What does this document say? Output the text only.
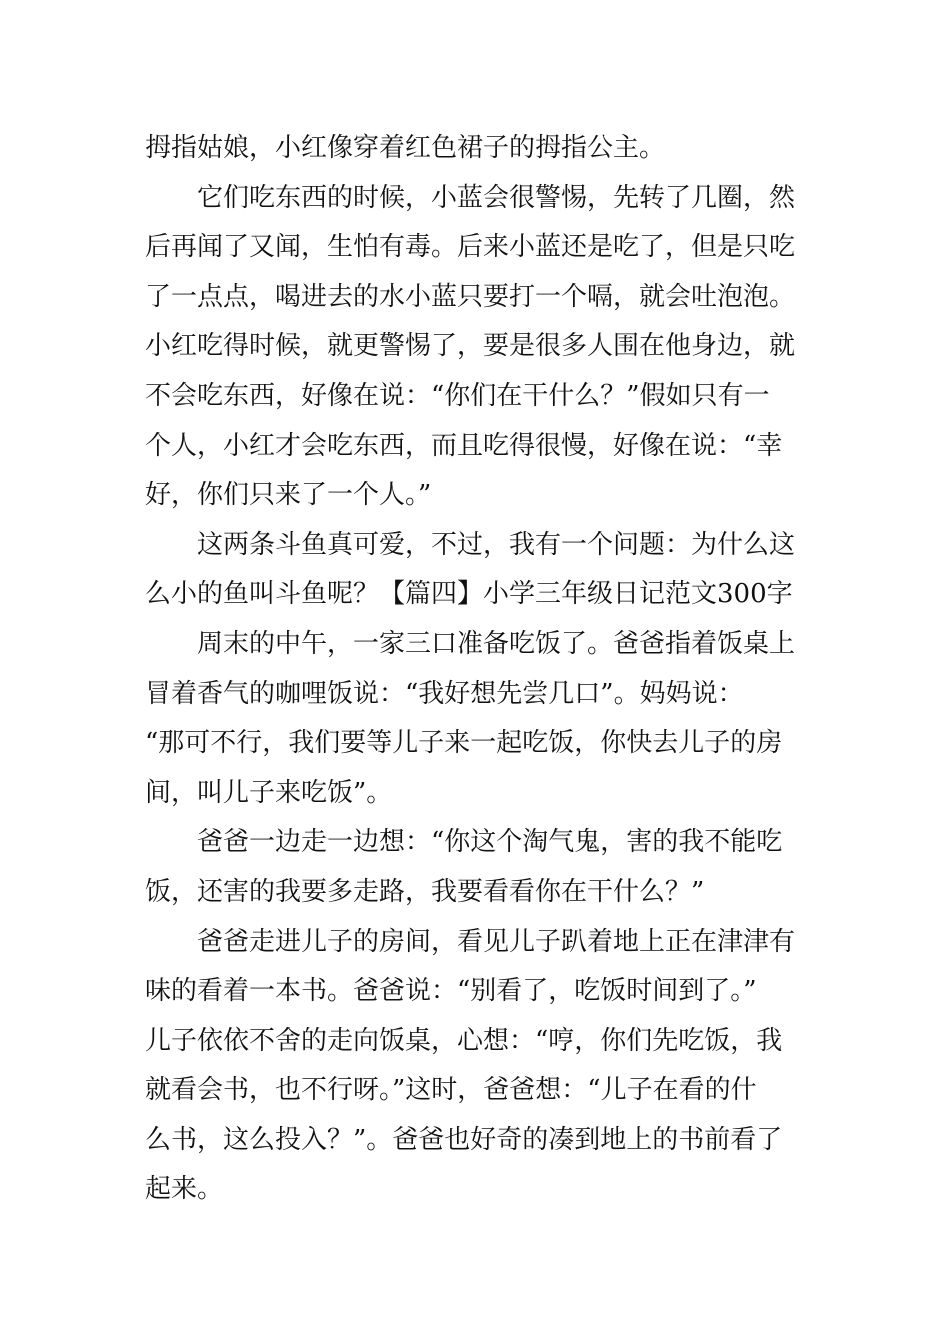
拇指姑娘，小红像穿着红色裙子的拇指公主。
它们吃东西的时候，小蓝会很警惕，先转了几圈，然
后再闻了又闻，生怕有毒。后来小蓝还是吃了，但是只吃
了一点点，喝进去的水小蓝只要打一个嗝，就会吐泡泡。
小红吃得时候，就更警惕了，要是很多人围在他身边，就
不会吃东西，好像在说：“你们在干什么？”假如只有一
个人，小红才会吃东西，而且吃得很慢，好像在说：“幸
好，你们只来了一个人。”
这两条斗鱼真可爱，不过，我有一个问题：为什么这
么小的鱼叫斗鱼呢？【篇四】小学三年级日记范文300字
周末的中午，一家三口准备吃饭了。爸爸指着饭桌上
冒着香气的咖哩饭说：“我好想先尝几口”。妈妈说：
“那可不行，我们要等儿子来一起吃饭，你快去儿子的房
间，叫儿子来吃饭”。
爸爸一边走一边想：“你这个淘气鬼，害的我不能吃
饭，还害的我要多走路，我要看看你在干什么？”
爸爸走进儿子的房间，看见儿子趴着地上正在津津有
味的看着一本书。爸爸说：“别看了，吃饭时间到了。”
儿子依依不舍的走向饭桌，心想：“哼，你们先吃饭，我
就看会书，也不行呀。”这时，爸爸想：“儿子在看的什
么书，这么投入？”。爸爸也好奇的凑到地上的书前看了
起来。
